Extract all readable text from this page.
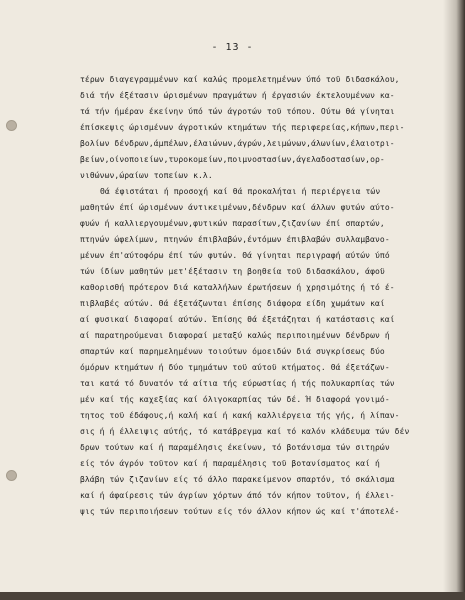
- 13 -
τέρων διαγεγραμμένων καί καλώς προμελετημένων ύπό τοϋ διδασκάλου,
διά τήν έξέτασιν ώρισμένων πραγμάτων ή έργασιών έκτελουμένων κα-
τά τήν ήμέραν έκείνην ύπό τών άγροτών τοϋ τόπου. Ούτω θά γίνηται
έπίσκεψις ώρισμένων άγροτικών κτημάτων τής περιφερείας,κήπων,περι-
βολίων δένδρων,άμπέλων,έλαιώνων,άγρών,λειμώνων,άλωνίων,έλαιοτρι-
βείων,οίνοποιείων,τυροκομείων,ποιμνοστασίων,άγελαδοστασίων,ορ-
νιθώνων,ώραίων τοπείων κ.λ.
Θά έφιστάται ή προσοχή καί θά προκαλήται ή περιέργεια τών
μαθητών έπί ώρισμένων άντικειμένων,δένδρων καί άλλων φυτών αύτο-
φυών ή καλλιεργουμένων,φυτικών παρασίτων,ζιζανίων έπί σπαρτών,
πτηνών ώφελίμων, πτηνών έπιβλαβών,έντόμων έπιβλαβών συλλαμβανο-
μένων έπ'αύτοφόρω έπί τών φυτών. Θά γίνηται περιγραφή αύτών ύπό
τών ίδίων μαθητών μετ'έξέτασιν τη βοηθεία τοϋ διδασκάλου, άφοϋ
καθορισθή πρότερον διά καταλλήλων έρωτήσεων ή χρησιμότης ή τό έ-
πιβλαβές αύτών. Θά έξετάζωνται έπίσης διάφορα είδη χωμάτων καί
αί φυσικαί διαφοραί αύτών. Έπίσης θά έξετάζηται ή κατάστασις καί
αί παρατηρούμεναι διαφοραί μεταξύ καλώς περιποιημένων δένδρων ή
σπαρτών καί παρημελημένων τοιούτων όμοειδών διά συγκρίσεως δύο
όμόρων κτημάτων ή δύο τμημάτων τοϋ αύτοϋ κτήματος. Θά έξετάζων-
ται κατά τό δυνατόν τά αίτια τής εύρωστίας ή τής πολυκαρπίας τών
μέν καί τής καχεξίας καί όλιγοκαρπίας τών δέ. Ή διαφορά γονιμό-
τητος τοϋ έδάφους,ή καλή καί ή κακή καλλιέργεια τής γής, ή λίπαν-
σις ή ή έλλειψις αύτής, τό κατάβρεγμα καί τό καλόν κλάδευμα τών δέν
δρων τούτων καί ή παραμέλησις έκείνων, τό βοτάνισμα τών σιτηρών
είς τόν άγρόν τοϋτον καί ή παραμέλησις τοϋ βοτανίσματος καί ή
βλάβη τών ζιζανίων είς τό άλλο παρακείμενον σπαρτόν, τό σκάλισμα
καί ή άφαίρεσις τών άγρίων χόρτων άπό τόν κήπον τοϋτον, ή έλλει-
ψις τών περιποιήσεων τούτων είς τόν άλλον κήπον ώς καί τ'άποτελέ-
